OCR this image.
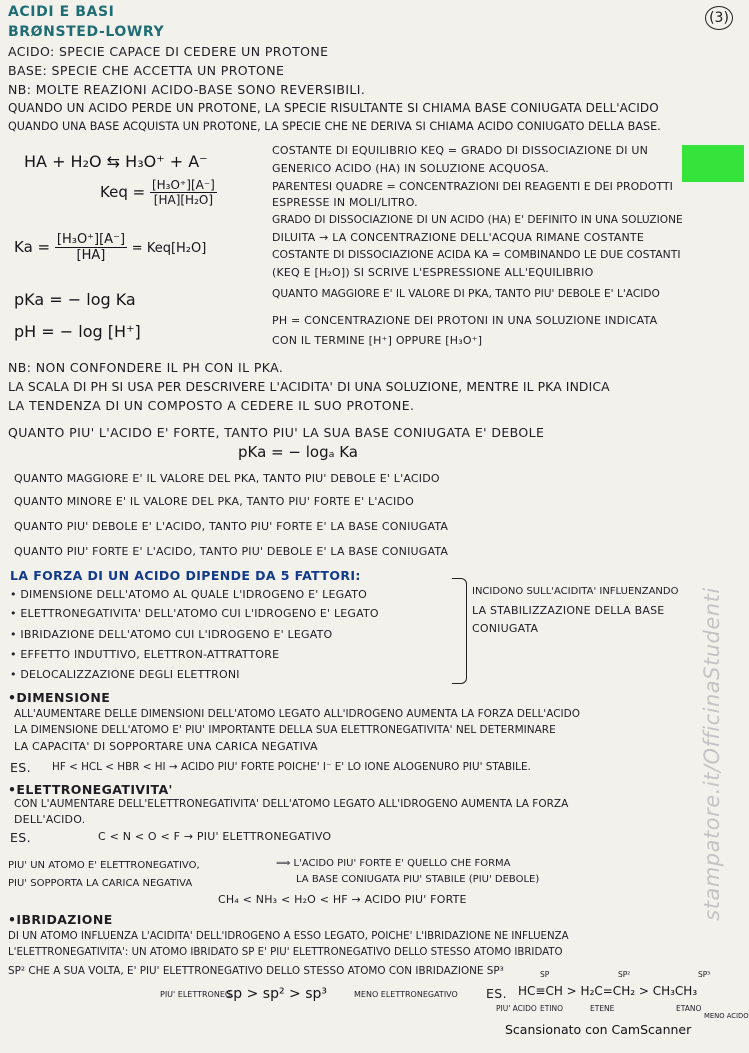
ACIDI E BASI	(3)
BRØNSTED-LOWRY
ACIDO: SPECIE CAPACE DI CEDERE UN PROTONE
BASE: SPECIE CHE ACCETTA UN PROTONE
NB: MOLTE REAZIONI ACIDO-BASE SONO REVERSIBILI.
QUANDO UN ACIDO PERDE UN PROTONE, LA SPECIE RISULTANTE SI CHIAMA BASE CONIUGATA DELL'ACIDO
QUANDO UNA BASE ACQUISTA UN PROTONE, LA SPECIE CHE NE DERIVA SI CHIAMA ACIDO CONIUGATO DELLA BASE.
HA + H₂O ⇆ H₃O⁺ + A⁻
Keq = $\frac{\text{[H₃O⁺][A⁻]}}{\text{[HA][H₂O]}}$
$Ka = \frac{\text{[H₃O⁺][A⁻]}}{[HA]} = Keq[H_2O]$
pKa = − log Ka
pH = − log [H⁺]
COSTANTE DI EQUILIBRIO KEQ = GRADO DI DISSOCIAZIONE DI UN
GENERICO ACIDO (HA) IN SOLUZIONE ACQUOSA.
PARENTESI QUADRE = CONCENTRAZIONI DEI REAGENTI E DEI PRODOTTI
ESPRESSE IN MOLI/LITRO.
GRADO DI DISSOCIAZIONE DI UN ACIDO (HA) E' DEFINITO IN UNA SOLUZIONE
DILUITA → LA CONCENTRAZIONE DELL'ACQUA RIMANE COSTANTE
COSTANTE DI DISSOCIAZIONE ACIDA KA = COMBINANDO LE DUE COSTANTI
(KEQ E [H₂O]) SI SCRIVE L'ESPRESSIONE ALL'EQUILIBRIO
QUANTO MAGGIORE E' IL VALORE DI PKA, TANTO PIU' DEBOLE E' L'ACIDO
PH = CONCENTRAZIONE DEI PROTONI IN UNA SOLUZIONE INDICATA
CON IL TERMINE [H⁺] OPPURE [H₃O⁺]
NB: NON CONFONDERE IL PH CON IL PKA.
LA SCALA DI PH SI USA PER DESCRIVERE L'ACIDITA' DI UNA SOLUZIONE, MENTRE IL PKA INDICA
LA TENDENZA DI UN COMPOSTO A CEDERE IL SUO PROTONE.
QUANTO PIU' L'ACIDO E' FORTE, TANTO PIU' LA SUA BASE CONIUGATA E' DEBOLE
pKa = − logₐ Ka
QUANTO MAGGIORE E' IL VALORE DEL PKA, TANTO PIU' DEBOLE E' L'ACIDO
QUANTO MINORE E' IL VALORE DEL PKA, TANTO PIU' FORTE E' L'ACIDO
QUANTO PIU' DEBOLE E' L'ACIDO, TANTO PIU' FORTE E' LA BASE CONIUGATA
QUANTO PIU' FORTE E' L'ACIDO, TANTO PIU' DEBOLE E' LA BASE CONIUGATA
LA FORZA DI UN ACIDO DIPENDE DA 5 FATTORI:
• DIMENSIONE DELL'ATOMO AL QUALE L'IDROGENO E' LEGATO
• ELETTRONEGATIVITA' DELL'ATOMO CUI L'IDROGENO E' LEGATO
• IBRIDAZIONE DELL'ATOMO CUI L'IDROGENO E' LEGATO
• EFFETTO INDUTTIVO, ELETTRON-ATTRATTORE
• DELOCALIZZAZIONE DEGLI ELETTRONI
INCIDONO SULL'ACIDITA' INFLUENZANDO
LA STABILIZZAZIONE DELLA BASE
CONIUGATA
•DIMENSIONE
ALL'AUMENTARE DELLE DIMENSIONI DELL'ATOMO LEGATO ALL'IDROGENO AUMENTA LA FORZA DELL'ACIDO
LA DIMENSIONE DELL'ATOMO E' PIU' IMPORTANTE DELLA SUA ELETTRONEGATIVITA' NEL DETERMINARE
LA CAPACITA' DI SOPPORTARE UNA CARICA NEGATIVA
ES. HF < HCL < HBR < HI → ACIDO PIU' FORTE POICHE' I⁻ E' LO IONE ALOGENURO PIU' STABILE.
•ELETTRONEGATIVITA'
CON L'AUMENTARE DELL'ELETTRONEGATIVITA' DELL'ATOMO LEGATO ALL'IDROGENO AUMENTA LA FORZA
DELL'ACIDO.
ES.	C < N < O < F → PIU' ELETTRONEGATIVO
PIU' UN ATOMO E' ELETTRONEGATIVO,
PIU' SOPPORTA LA CARICA NEGATIVA
⟹ L'ACIDO PIU' FORTE E' QUELLO CHE FORMA
LA BASE CONIUGATA PIU' STABILE (PIU' DEBOLE)
CH₄ < NH₃ < H₂O < HF → ACIDO PIU' FORTE
•IBRIDAZIONE
DI UN ATOMO INFLUENZA L'ACIDITA' DELL'IDROGENO A ESSO LEGATO, POICHE' L'IBRIDAZIONE NE INFLUENZA
L'ELETTRONEGATIVITA': UN ATOMO IBRIDATO SP E' PIU' ELETTRONEGATIVO DELLO STESSO ATOMO IBRIDATO
SP² CHE A SUA VOLTA, E' PIU' ELETTRONEGATIVO DELLO STESSO ATOMO CON IBRIDAZIONE SP³
PIU' ELETTRONEG.
sp > sp² > sp³	MENO ELETTRONEGATIVO ES. HC≡CH > H₂C=CH₂ > CH₃CH₃
SP	SP²	SP³
PIU' ACIDO ETINO	ETENE	ETANO
MENO ACIDO
stampatore.it/OfficinaStudenti
Scansionato con CamScanner
